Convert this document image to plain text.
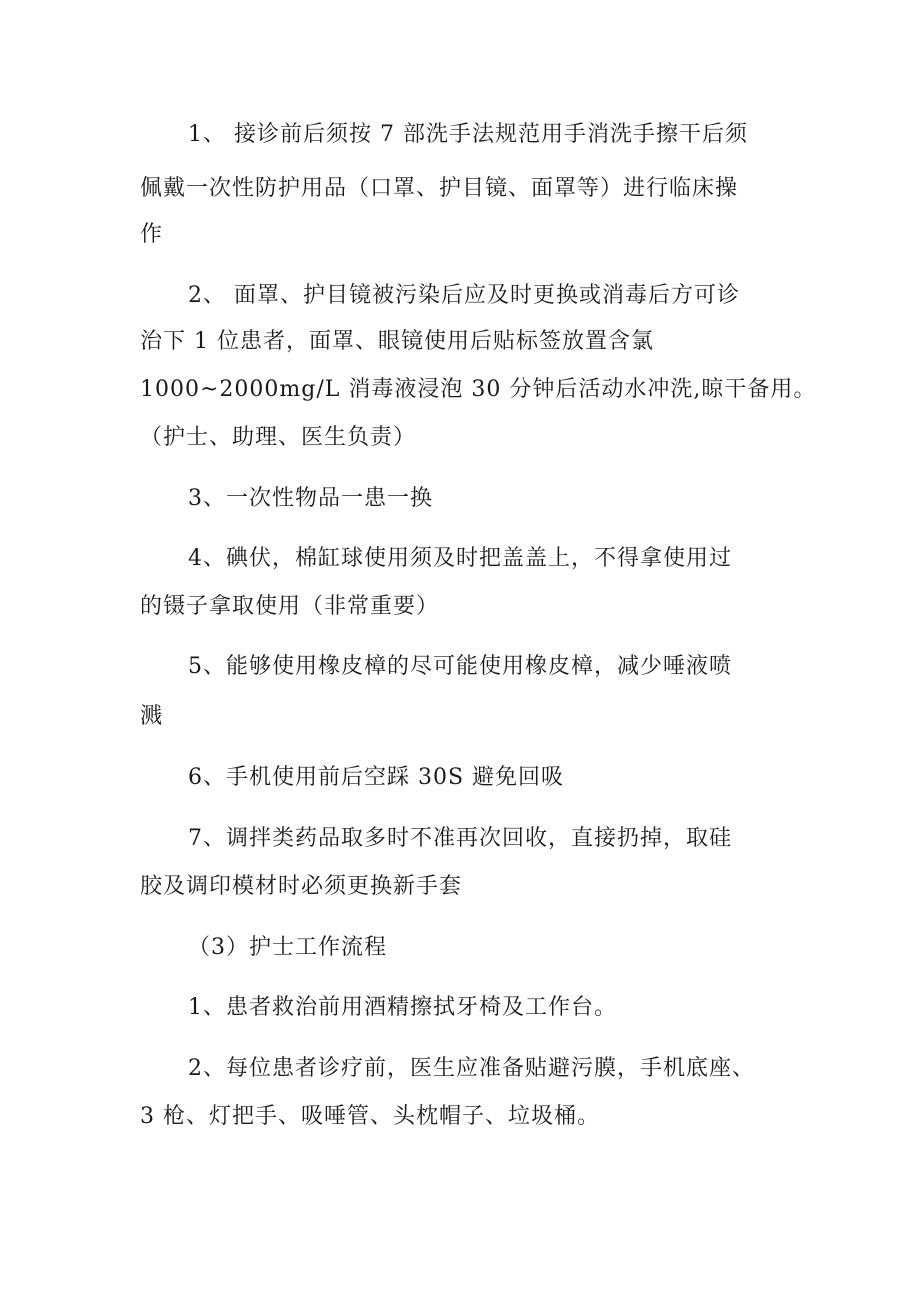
1、 接诊前后须按 7 部洗手法规范用手消洗手擦干后须
佩戴一次性防护用品（口罩、护目镜、面罩等）进行临床操
作
2、 面罩、护目镜被污染后应及时更换或消毒后方可诊
治下 1 位患者，面罩、眼镜使用后贴标签放置含氯
1000~2000mg/L 消毒液浸泡 30 分钟后活动水冲洗,晾干备用。
（护士、助理、医生负责）
3、一次性物品一患一换
4、碘伏，棉缸球使用须及时把盖盖上，不得拿使用过
的镊子拿取使用（非常重要）
5、能够使用橡皮樟的尽可能使用橡皮樟，减少唾液喷
溅
6、手机使用前后空踩 30S 避免回吸
7、调拌类药品取多时不准再次回收，直接扔掉，取硅
胶及调印模材时必须更换新手套
（3）护士工作流程
1、患者救治前用酒精擦拭牙椅及工作台。
2、每位患者诊疗前，医生应准备贴避污膜，手机底座、
3 枪、灯把手、吸唾管、头枕帽子、垃圾桶。
